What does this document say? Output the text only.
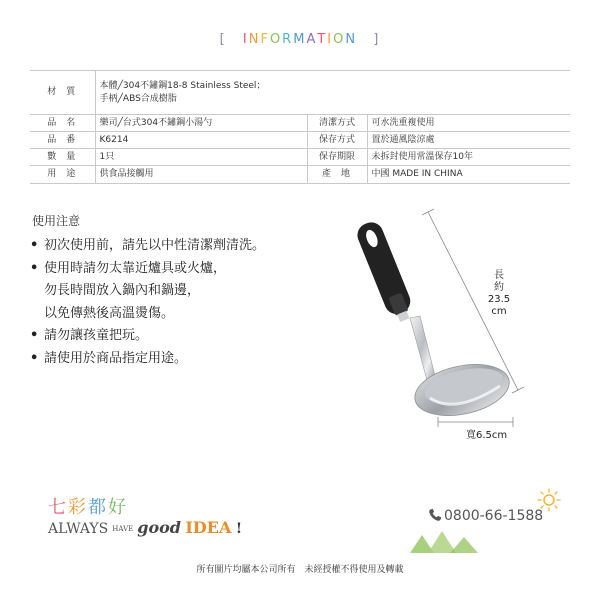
[ INFORMATION ]
材質	本體╱304不鏽鋼18-8 Stainless Steel；
手柄╱ABS合成樹脂		

品名	樂司╱台式304不鏽鋼小湯勺	清潔方式	可水洗重複使用
品番	K6214	保存方式	置於通風陰涼處
數量	1只	保存期限	未拆封使用常溫保存10年
用途	供食品接觸用	產地	中國 MADE IN CHINA
使用注意
• 初次使用前，請先以中性清潔劑清洗。
• 使用時請勿太靠近爐具或火爐，
勿長時間放入鍋內和鍋邊，
以免傳熱後高溫燙傷。
• 請勿讓孩童把玩。
• 請使用於商品指定用途。
長
約
23.5
cm
寬6.5cm
七彩都好
ALWAYS HAVE good IDEA !
0800-66-1588
所有圖片均屬本公司所有　未經授權不得使用及轉載
